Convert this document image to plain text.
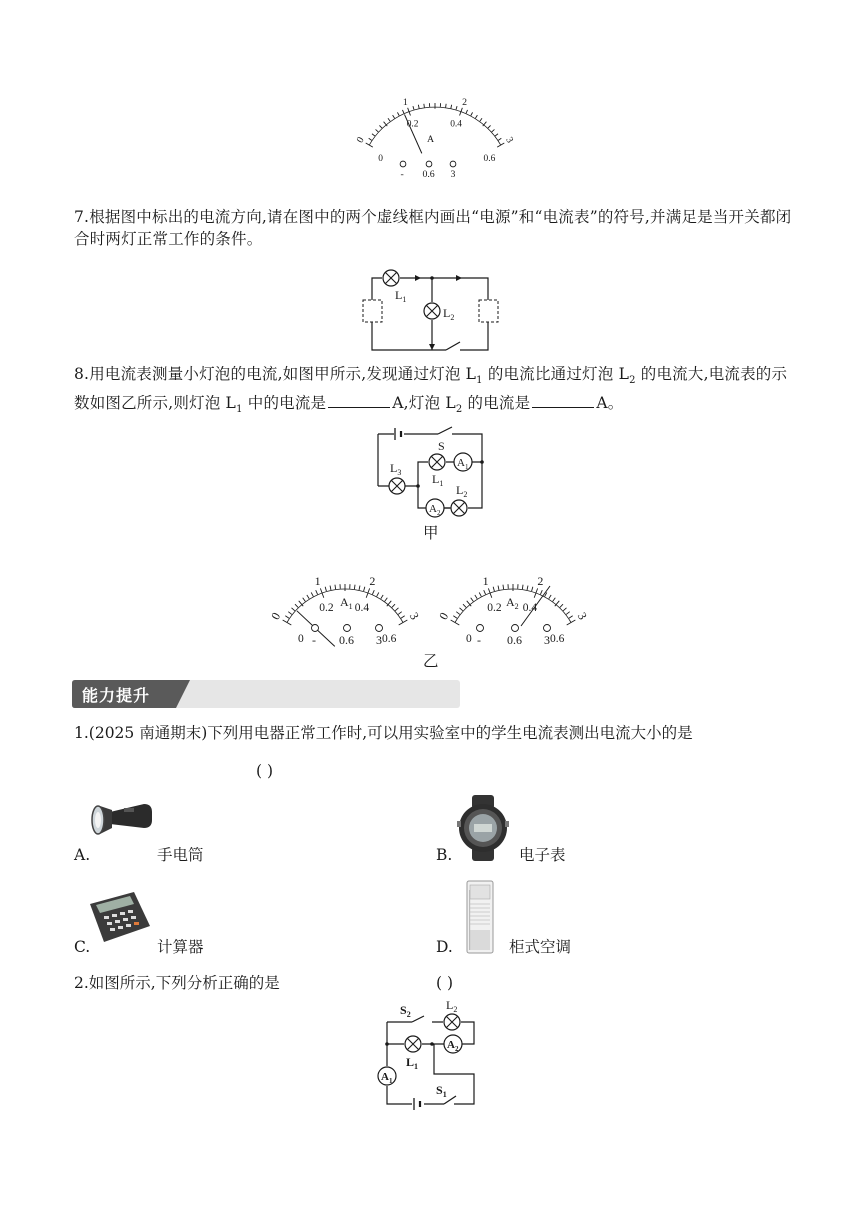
0
1	2
3
0
0.2	0.4
0.6
A
- 0.6 3
7.根据图中标出的电流方向,请在图中的两个虚线框内画出“电源”和“电流表”的符号,并满足是当开关都闭合时两灯正常工作的条件。
$L_1$
$L_2$
8.用电流表测量小灯泡的电流,如图甲所示,发现通过灯泡 $L_1$ 的电流比通过灯泡 $L_2$ 的电流大,电流表的示数如图乙所示,则灯泡 $L_1$ 中的电流是	A,灯泡 $L_2$ 的电流是	A。
S
$L_3$	$L_1$
$A_1$
$A_2$
$L_2$
甲
0
1	2
3
0
0.2 0.4
0.6
$A_1$
- 0.6 3
0
1	2
3
0
0.2 0.4
0.6
$A_2$
- 0.6 3
乙
能力提升
1.(2025 南通期末)下列用电器正常工作时,可以用实验室中的学生电流表测出电流大小的是
( )
A.	手电筒	B.	电子表
C.	计算器	D.	柜式空调
2.如图所示,下列分析正确的是	( )
$S_2$
$L_2$
$L_1$
$A_2$
$A_1$
$S_1$
